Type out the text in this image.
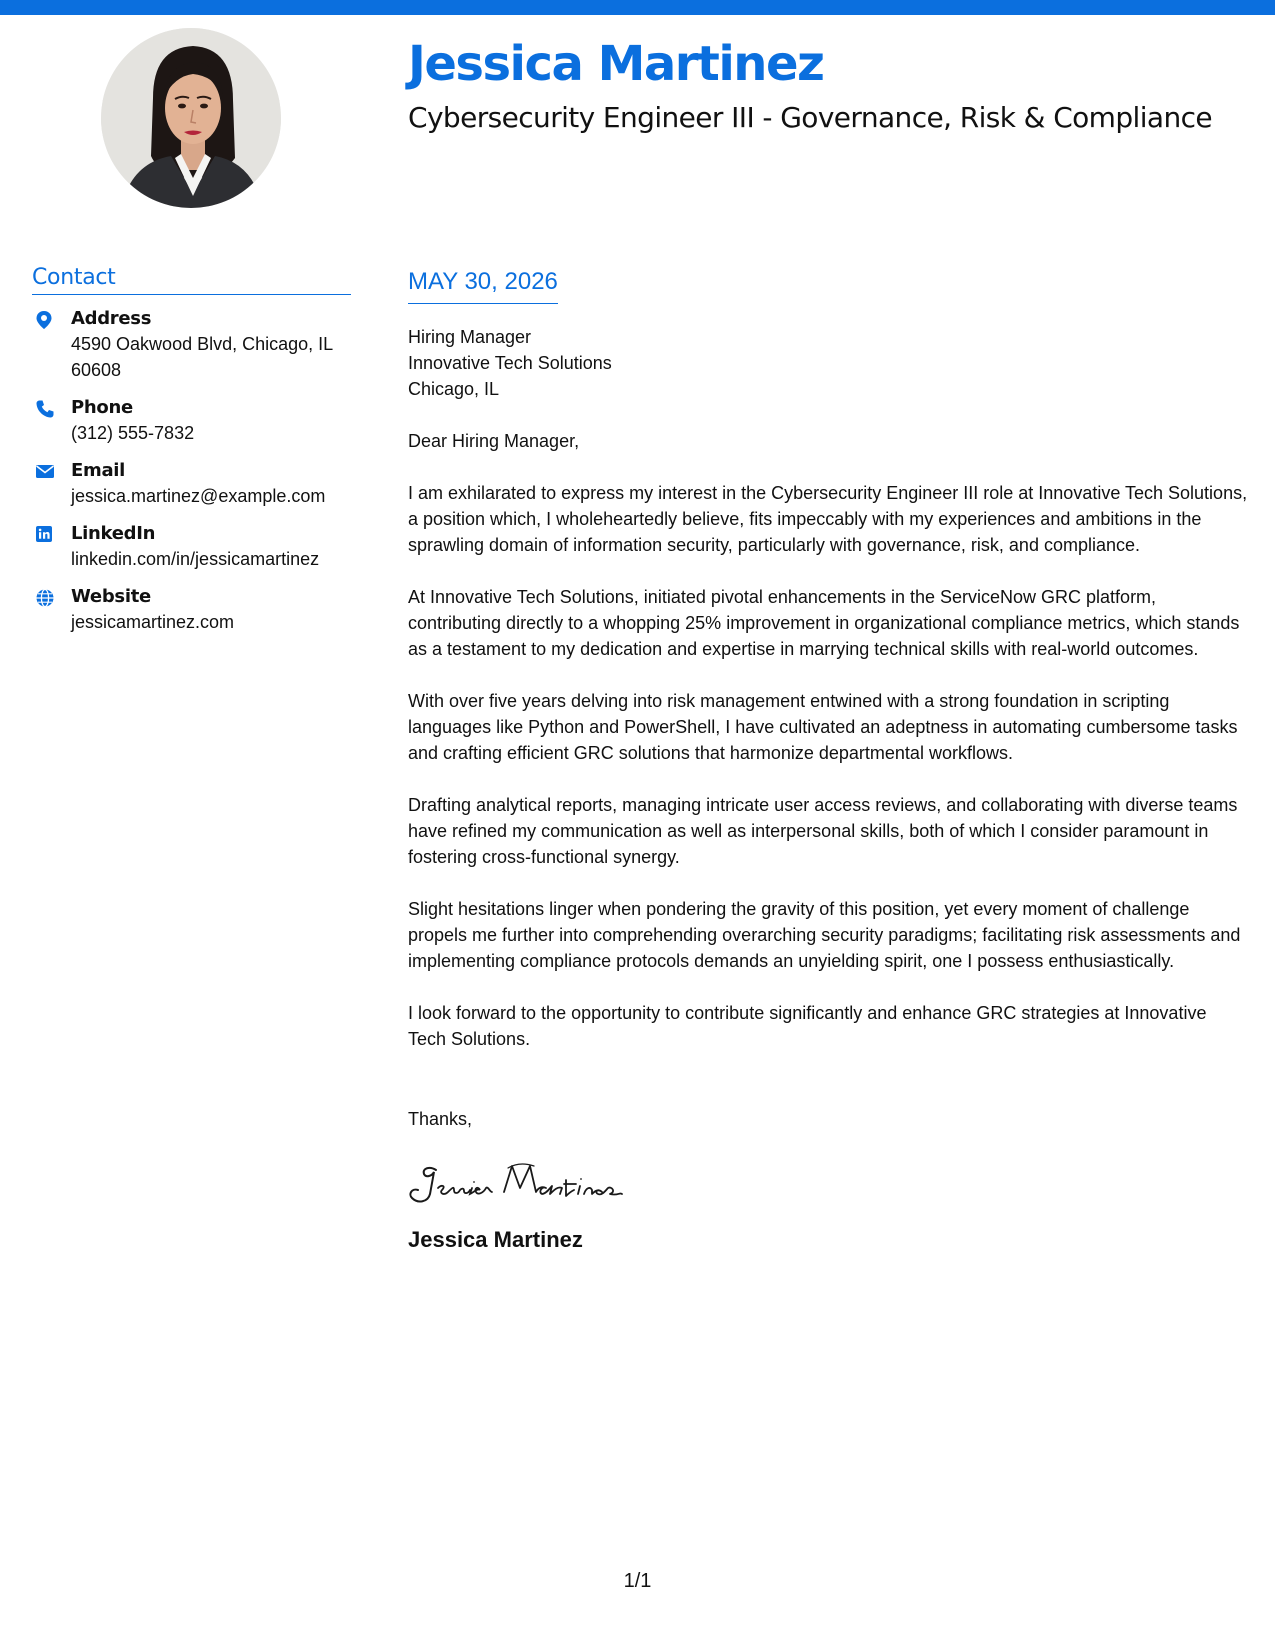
Jessica Martinez
Cybersecurity Engineer III - Governance, Risk & Compliance
Contact
Address
4590 Oakwood Blvd, Chicago, IL
60608
Phone
(312) 555-7832
Email
jessica.martinez@example.com
LinkedIn
linkedin.com/in/jessicamartinez
Website
jessicamartinez.com
MAY 30, 2026
Hiring Manager
Innovative Tech Solutions
Chicago, IL
Dear Hiring Manager,
I am exhilarated to express my interest in the Cybersecurity Engineer III role at Innovative Tech Solutions, a position which, I wholeheartedly believe, fits impeccably with my experiences and ambitions in the sprawling domain of information security, particularly with governance, risk, and compliance.
At Innovative Tech Solutions, initiated pivotal enhancements in the ServiceNow GRC platform, contributing directly to a whopping 25% improvement in organizational compliance metrics, which stands as a testament to my dedication and expertise in marrying technical skills with real-world outcomes.
With over five years delving into risk management entwined with a strong foundation in scripting languages like Python and PowerShell, I have cultivated an adeptness in automating cumbersome tasks and crafting efficient GRC solutions that harmonize departmental workflows.
Drafting analytical reports, managing intricate user access reviews, and collaborating with diverse teams have refined my communication as well as interpersonal skills, both of which I consider paramount in fostering cross-functional synergy.
Slight hesitations linger when pondering the gravity of this position, yet every moment of challenge propels me further into comprehending overarching security paradigms; facilitating risk assessments and implementing compliance protocols demands an unyielding spirit, one I possess enthusiastically.
I look forward to the opportunity to contribute significantly and enhance GRC strategies at Innovative Tech Solutions.
Thanks,
Jessica Martinez
1/1
